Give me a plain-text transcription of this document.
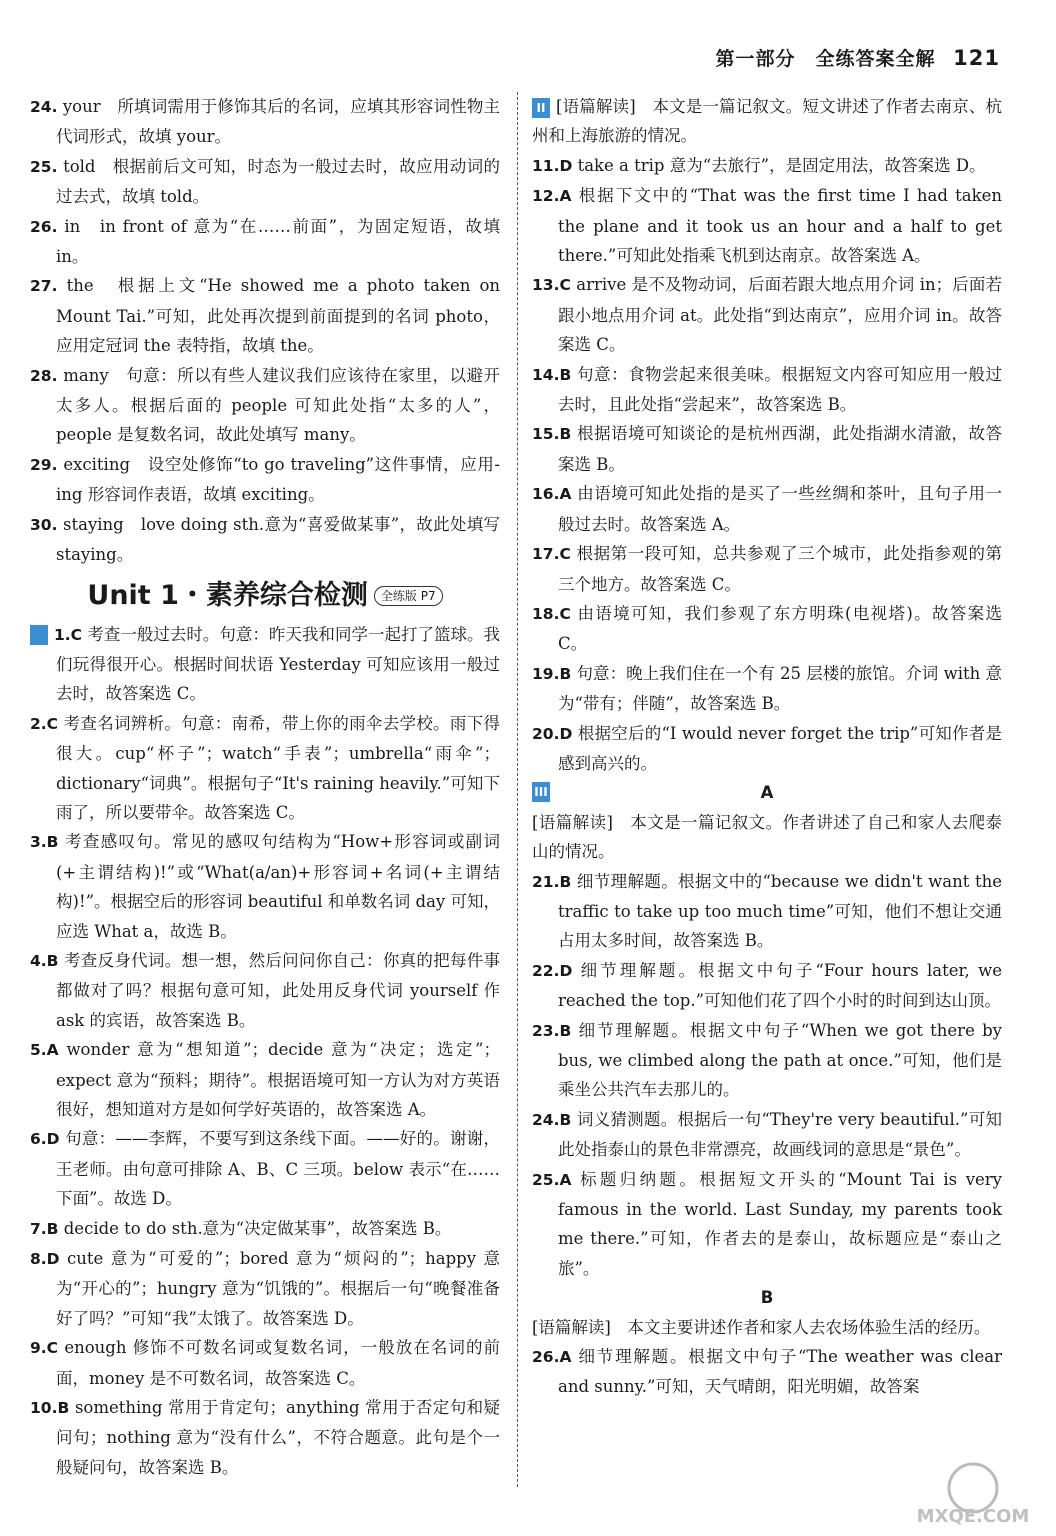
第一部分　全练答案全解 121
24. your　所填词需用于修饰其后的名词，应填其形容词性物主代词形式，故填 your。
25. told　根据前后文可知，时态为一般过去时，故应用动词的过去式，故填 told。
26. in　in front of 意为“在……前面”，为固定短语，故填 in。
27. the　根据上文“He showed me a photo taken on Mount Tai.”可知，此处再次提到前面提到的名词 photo，应用定冠词 the 表特指，故填 the。
28. many　句意：所以有些人建议我们应该待在家里，以避开太多人。根据后面的 people 可知此处指“太多的人”，people 是复数名词，故此处填写 many。
29. exciting　设空处修饰“to go traveling”这件事情，应用-ing 形容词作表语，故填 exciting。
30. staying　love doing sth.意为“喜爱做某事”，故此处填写 staying。
Unit 1・素养综合检测 全练版 P7
I 1.C 考查一般过去时。句意：昨天我和同学一起打了篮球。我们玩得很开心。根据时间状语 Yesterday 可知应该用一般过去时，故答案选 C。
2.C 考查名词辨析。句意：南希，带上你的雨伞去学校。雨下得很大。cup“杯子”；watch“手表”；umbrella“雨伞”；dictionary“词典”。根据句子“It's raining heavily.”可知下雨了，所以要带伞。故答案选 C。
3.B 考查感叹句。常见的感叹句结构为“How+形容词或副词(+主谓结构)!”或“What(a/an)+形容词+名词(+主谓结构)!”。根据空后的形容词 beautiful 和单数名词 day 可知，应选 What a，故选 B。
4.B 考查反身代词。想一想，然后问问你自己：你真的把每件事都做对了吗？根据句意可知，此处用反身代词 yourself 作 ask 的宾语，故答案选 B。
5.A wonder 意为“想知道”；decide 意为“决定；选定”；expect 意为“预料；期待”。根据语境可知一方认为对方英语很好，想知道对方是如何学好英语的，故答案选 A。
6.D 句意：——李辉，不要写到这条线下面。——好的。谢谢，王老师。由句意可排除 A、B、C 三项。below 表示“在……下面”。故选 D。
7.B decide to do sth.意为“决定做某事”，故答案选 B。
8.D cute 意为“可爱的”；bored 意为“烦闷的”；happy 意为“开心的”；hungry 意为“饥饿的”。根据后一句“晚餐准备好了吗？”可知“我”太饿了。故答案选 D。
9.C enough 修饰不可数名词或复数名词，一般放在名词的前面，money 是不可数名词，故答案选 C。
10.B something 常用于肯定句；anything 常用于否定句和疑问句；nothing 意为“没有什么”，不符合题意。此句是个一般疑问句，故答案选 B。
II [语篇解读]　本文是一篇记叙文。短文讲述了作者去南京、杭州和上海旅游的情况。
11.D take a trip 意为“去旅行”，是固定用法，故答案选 D。
12.A 根据下文中的“That was the first time I had taken the plane and it took us an hour and a half to get there.”可知此处指乘飞机到达南京。故答案选 A。
13.C arrive 是不及物动词，后面若跟大地点用介词 in；后面若跟小地点用介词 at。此处指“到达南京”，应用介词 in。故答案选 C。
14.B 句意：食物尝起来很美味。根据短文内容可知应用一般过去时，且此处指“尝起来”，故答案选 B。
15.B 根据语境可知谈论的是杭州西湖，此处指湖水清澈，故答案选 B。
16.A 由语境可知此处指的是买了一些丝绸和茶叶，且句子用一般过去时。故答案选 A。
17.C 根据第一段可知，总共参观了三个城市，此处指参观的第三个地方。故答案选 C。
18.C 由语境可知，我们参观了东方明珠(电视塔)。故答案选 C。
19.B 句意：晚上我们住在一个有 25 层楼的旅馆。介词 with 意为“带有；伴随”，故答案选 B。
20.D 根据空后的“I would never forget the trip”可知作者是感到高兴的。
III	A
[语篇解读]　本文是一篇记叙文。作者讲述了自己和家人去爬泰山的情况。
21.B 细节理解题。根据文中的“because we didn't want the traffic to take up too much time”可知，他们不想让交通占用太多时间，故答案选 B。
22.D 细节理解题。根据文中句子“Four hours later, we reached the top.”可知他们花了四个小时的时间到达山顶。
23.B 细节理解题。根据文中句子“When we got there by bus, we climbed along the path at once.”可知，他们是乘坐公共汽车去那儿的。
24.B 词义猜测题。根据后一句“They're very beautiful.”可知此处指泰山的景色非常漂亮，故画线词的意思是“景色”。
25.A 标题归纳题。根据短文开头的“Mount Tai is very famous in the world. Last Sunday, my parents took me there.”可知，作者去的是泰山，故标题应是“泰山之旅”。
B
[语篇解读]　本文主要讲述作者和家人去农场体验生活的经历。
26.A 细节理解题。根据文中句子“The weather was clear and sunny.”可知，天气晴朗，阳光明媚，故答案
MXQE.COM
